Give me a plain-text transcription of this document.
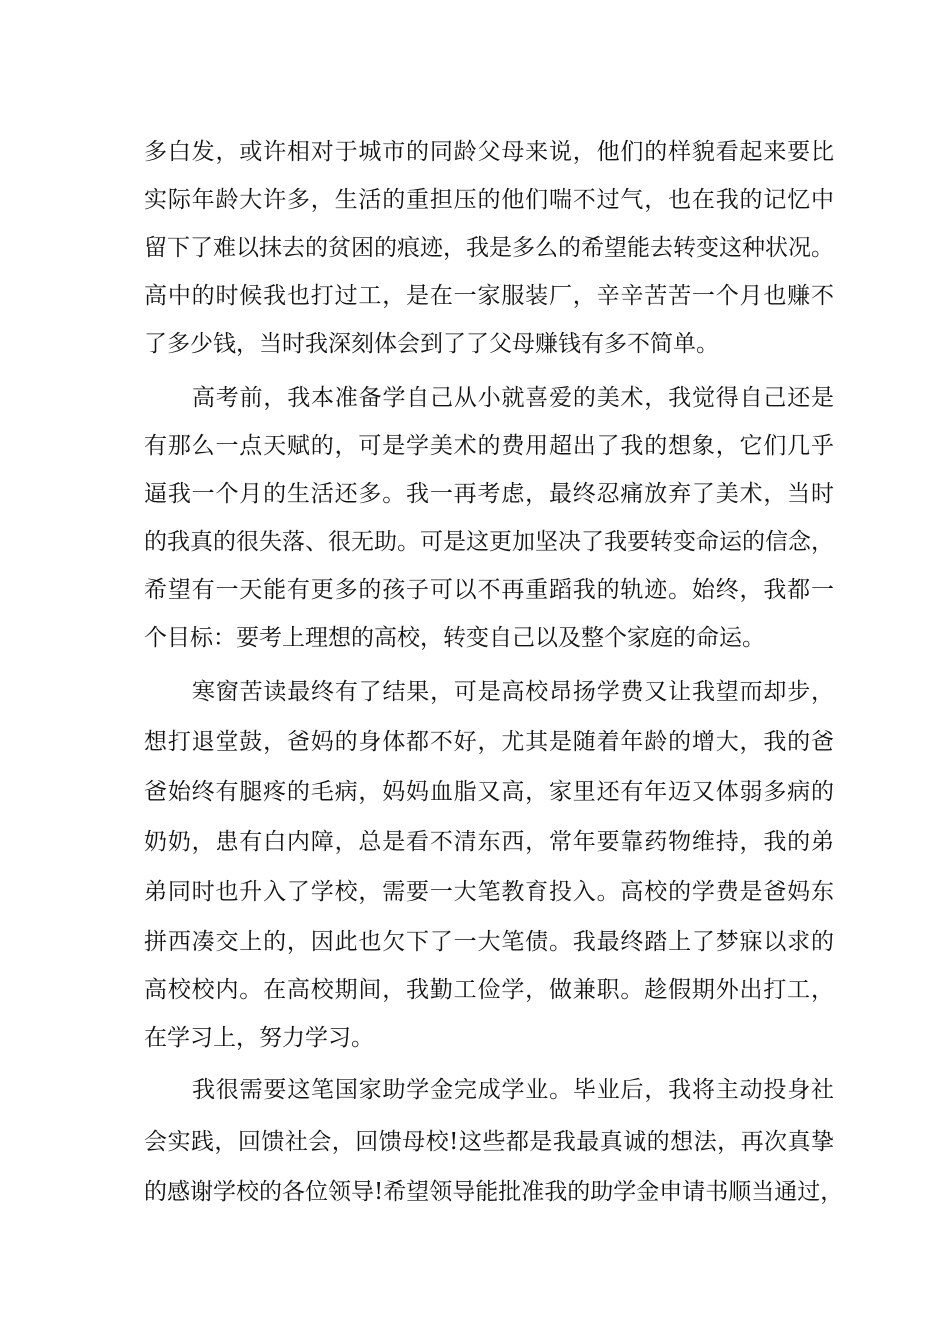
多白发，或许相对于城市的同龄父母来说，他们的样貌看起来要比
实际年龄大许多，生活的重担压的他们喘不过气，也在我的记忆中
留下了难以抹去的贫困的痕迹，我是多么的希望能去转变这种状况。
高中的时候我也打过工，是在一家服装厂，辛辛苦苦一个月也赚不
了多少钱，当时我深刻体会到了了父母赚钱有多不简单。
高考前，我本准备学自己从小就喜爱的美术，我觉得自己还是
有那么一点天赋的，可是学美术的费用超出了我的想象，它们几乎
逼我一个月的生活还多。我一再考虑，最终忍痛放弃了美术，当时
的我真的很失落、很无助。可是这更加坚决了我要转变命运的信念，
希望有一天能有更多的孩子可以不再重蹈我的轨迹。始终，我都一
个目标：要考上理想的高校，转变自己以及整个家庭的命运。
寒窗苦读最终有了结果，可是高校昂扬学费又让我望而却步，
想打退堂鼓，爸妈的身体都不好，尤其是随着年龄的增大，我的爸
爸始终有腿疼的毛病，妈妈血脂又高，家里还有年迈又体弱多病的
奶奶，患有白内障，总是看不清东西，常年要靠药物维持，我的弟
弟同时也升入了学校，需要一大笔教育投入。高校的学费是爸妈东
拼西凑交上的，因此也欠下了一大笔债。我最终踏上了梦寐以求的
高校校内。在高校期间，我勤工俭学，做兼职。趁假期外出打工，
在学习上，努力学习。
我很需要这笔国家助学金完成学业。毕业后，我将主动投身社
会实践，回馈社会，回馈母校!这些都是我最真诚的想法，再次真挚
的感谢学校的各位领导!希望领导能批准我的助学金申请书顺当通过，
